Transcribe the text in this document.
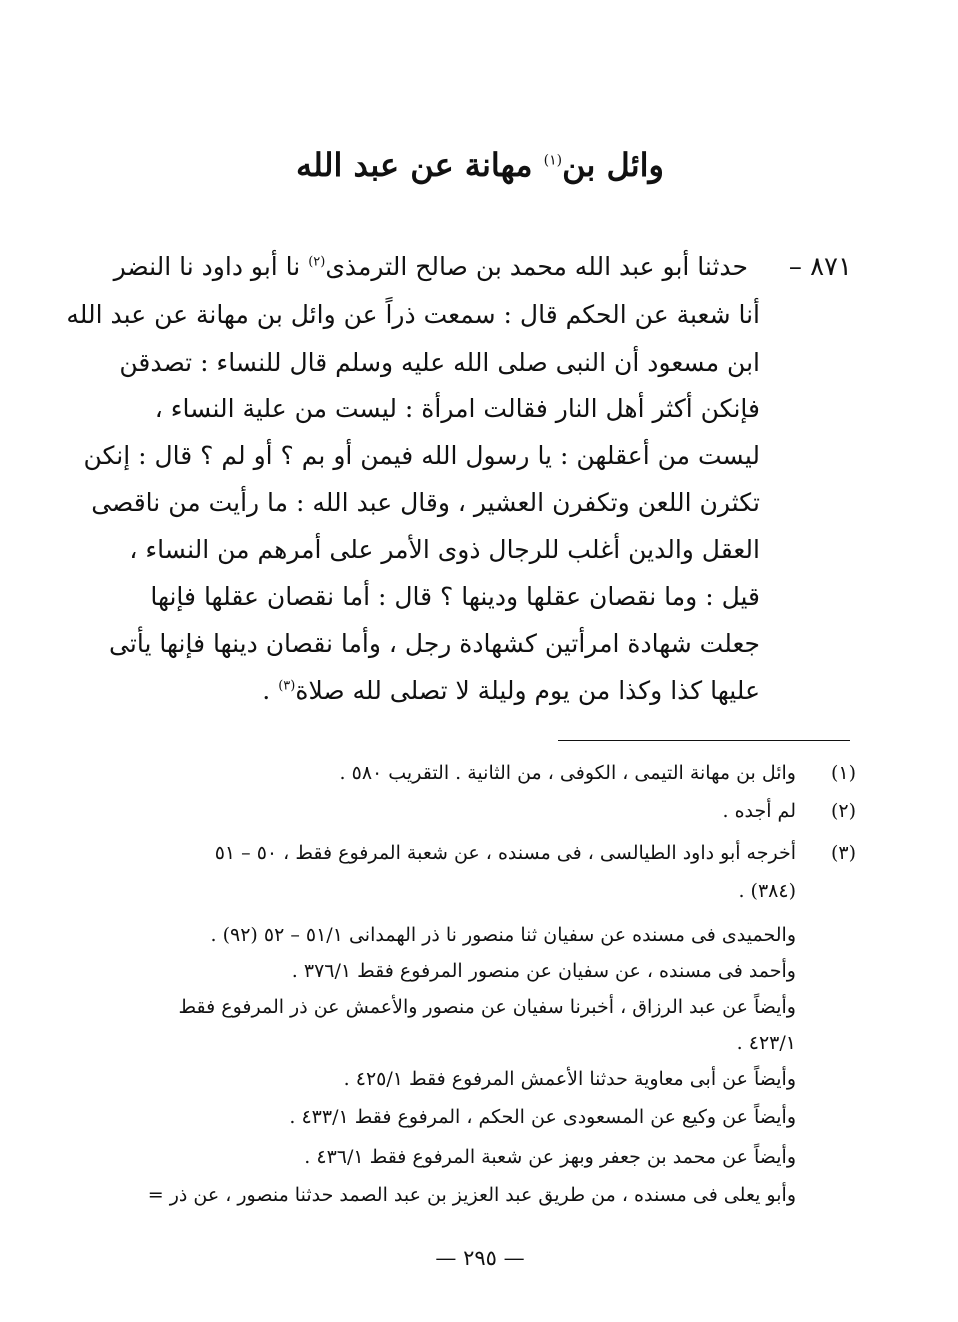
وائل بن$^{(١)}$ مهانة عن عبد الله
٨٧١ –
حدثنا أبو عبد الله محمد بن صالح الترمذى$^{(٢)}$ نا أبو داود نا النضر
أنا شعبة عن الحكم قال : سمعت ذراً عن وائل بن مهانة عن عبد الله
ابن مسعود أن النبى صلى الله عليه وسلم قال للنساء : تصدقن
فإنكن أكثر أهل النار فقالت امرأة : ليست من علية النساء ،
ليست من أعقلهن : يا رسول الله فيمن أو بم ؟ أو لم ؟ قال : إنكن
تكثرن اللعن وتكفرن العشير ، وقال عبد الله : ما رأيت من ناقصى
العقل والدين أغلب للرجال ذوى الأمر على أمرهم من النساء ،
قيل : وما نقصان عقلها ودينها ؟ قال : أما نقصان عقلها فإنها
جعلت شهادة امرأتين كشهادة رجل ، وأما نقصان دينها فإنها يأتى
عليها كذا وكذا من يوم وليلة لا تصلى لله صلاة$^{(٣)}$ .
(١)
وائل بن مهانة التيمى ، الكوفى ، من الثانية . التقريب ٥٨٠ .
(٢)
لم أجده .
(٣)
أخرجه أبو داود الطيالسى ، فى مسنده ، عن شعبة المرفوع فقط ، ٥٠ – ٥١
(٣٨٤) .
والحميدى فى مسنده عن سفيان ثنا منصور نا ذر الهمدانى ٥١/١ – ٥٢ (٩٢) .
وأحمد فى مسنده ، عن سفيان عن منصور المرفوع فقط ٣٧٦/١ .
وأيضاً عن عبد الرزاق ، أخبرنا سفيان عن منصور والأعمش عن ذر المرفوع فقط
٤٢٣/١ .
وأيضاً عن أبى معاوية حدثنا الأعمش المرفوع فقط ٤٢٥/١ .
وأيضاً عن وكيع عن المسعودى عن الحكم ، المرفوع فقط ٤٣٣/١ .
وأيضاً عن محمد بن جعفر وبهز عن شعبة المرفوع فقط ٤٣٦/١ .
وأبو يعلى فى مسنده ، من طريق عبد العزيز بن عبد الصمد حدثنا منصور ، عن ذر =
— ٢٩٥ —
